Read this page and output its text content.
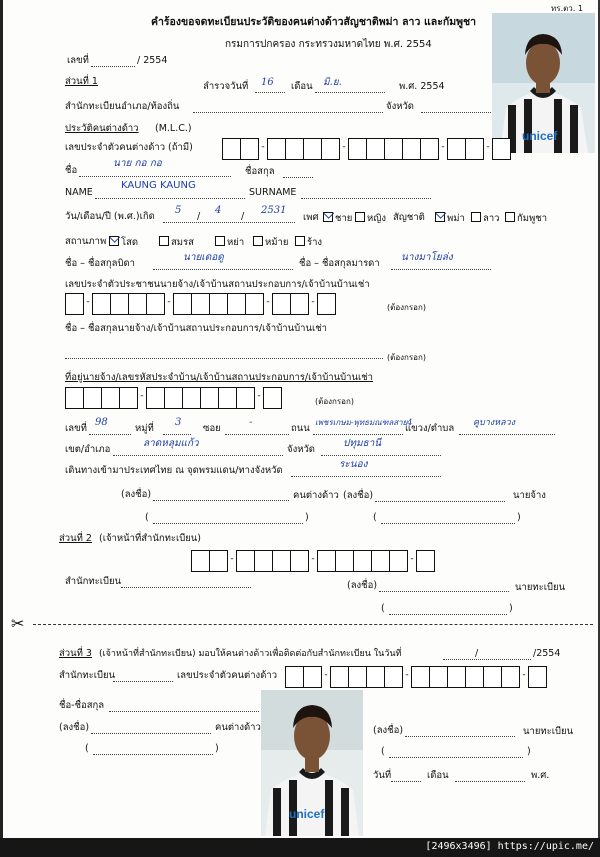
ทร.ตว. 1
คำร้องขอจดทะเบียนประวัติของคนต่างด้าวสัญชาติพม่า ลาว และกัมพูชา
กรมการปกครอง กระทรวงมหาดไทย พ.ศ. 2554
เลขที่	/ 2554
unicef
ส่วนที่ 1	ลำรวจวันที่ 16 เดือน มิ.ย.	พ.ศ. 2554
สำนักทะเบียนอำเภอ/ท้องถิ่น	จังหวัด
ประวัติคนต่างด้าว (M.L.C.)
เลขประจำตัวคนต่างด้าว (ถ้ามี)	-	-	-	-
ชื่อ
นาย กอ กอ
ชื่อสกุล
NAME
KAUNG KAUNG
SURNAME
วัน/เดือน/ปี (พ.ศ.)เกิด
5
/
4
/
2531
เพศ	ชาย	หญิง สัญชาติ	พม่า	ลาว	กัมพูชา
สถานภาพ	โสด	สมรส	หย่า	หม้าย	ร้าง
ชื่อ – ชื่อสกุลบิดา
นายเดอดู
ชื่อ – ชื่อสกุลมารดา
นางมาโยล่ง
เลขประจำตัวประชาชนนายจ้าง/เจ้าบ้านสถานประกอบการ/เจ้าบ้านบ้านเช่า
-	-	-	-
(ต้องกรอก)
ชื่อ – ชื่อสกุลนายจ้าง/เจ้าบ้านสถานประกอบการ/เจ้าบ้านบ้านเช่า
(ต้องกรอก)
ที่อยู่นายจ้าง/เลขรหัสประจำบ้าน/เจ้าบ้านสถานประกอบการ/เจ้าบ้านบ้านเช่า
-	-
(ต้องกรอก)
เลขที่
98
หมู่ที่
3
ซอย
-
ถนน
เพชรเกษม-พุทธมณฑลสาย4
แขวง/ตำบล คูบางหลวง
เขต/อำเภอ
ลาดหลุมแก้ว
จังหวัด
ปทุมธานี
เดินทางเข้ามาประเทศไทย ณ จุดพรมแดน/ทางจังหวัด
ระนอง
(ลงชื่อ)	คนต่างด้าว (ลงชื่อ)	นายจ้าง
(	)	(	)
ส่วนที่ 2 (เจ้าหน้าที่สำนักทะเบียน)
-	-	-
สำนักทะเบียน	(ลงชื่อ)	นายทะเบียน
(	)
✂
ส่วนที่ 3 (เจ้าหน้าที่สำนักทะเบียน) มอบให้คนต่างด้าวเพื่อติดต่อกับสำนักทะเบียน ในวันที่	/	/2554
สำนักทะเบียน	เลขประจำตัวคนต่างด้าว	-	-	-
ชื่อ-ชื่อสกุล
(ลงชื่อ)	คนต่างด้าว
(	)
(ลงชื่อ)	นายทะเบียน
(	)
วันที่	เดือน	พ.ศ.
unicef
[2496x3496] https://upic.me/
